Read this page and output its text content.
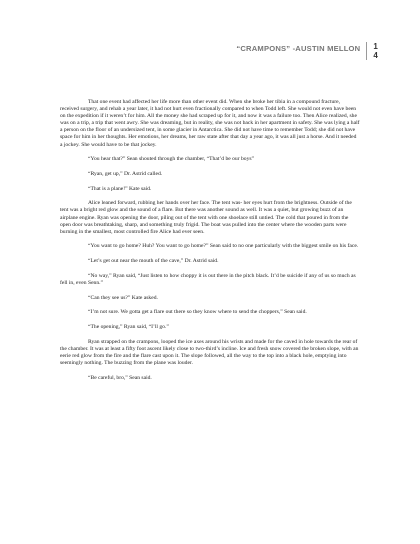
“CRAMPONS” -AUSTIN MELLON	1
4

That one event had affected her life more than other event did. When she broke her tibia in a compound fracture, received surgery, and rehab a year later, it had not hurt even fractionally compared to when Todd left. She would not even have been on the expedition if it weren’t for him. All the money she had scraped up for it, and now it was a failure too. Then Alice realized, she was on a trip, a trip that went awry. She was dreaming, but in reality, she was not back in her apartment in safety. She was lying a half a person on the floor of an undersized tent, in some glacier in Antarctica. She did not have time to remember Todd; she did not have space for him in her thoughts. Her emotions, her dreams, her raw state after that day a year ago, it was all just a horse. And it needed a jockey. She would have to be that jockey.

“You hear that?” Sean shouted through the chamber, “That’d be our boys”

“Ryan, get up,” Dr. Astrid called.

“That is a plane!” Kate said.

Alice leaned forward, rubbing her hands over her face. The tent was- her eyes hurt from the brightness. Outside of the tent was a bright red glow and the sound of a flare. But there was another sound as well. It was a quiet, but growing buzz of an airplane engine. Ryan was opening the door, piling out of the tent with one shoelace still untied. The cold that poured in from the open door was breathtaking, sharp, and something truly frigid. The boat was pulled into the center where the wooden parts were burning in the smallest, most controlled fire Alice had ever seen.

“You want to go home? Huh? You want to go home?” Sean said to no one particularly with the biggest smile on his face.

“Let’s get out near the mouth of the cave,” Dr. Astrid said.

“No way,” Ryan said, “Just listen to how choppy it is out there in the pitch black. It’d be suicide if any of us so much as fell in, even Senn.”

“Can they see us?” Kate asked.

“I’m not sure. We gotta get a flare out there so they know where to send the choppers,” Sean said.

“The opening,” Ryan said, “I’ll go.”

Ryan strapped on the crampons, looped the ice axes around his wrists and made for the caved in hole towards the rear of the chamber. It was at least a fifty foot ascent likely close to two-third’s incline. Ice and fresh snow covered the broken slope, with an eerie red glow from the fire and the flare cast upon it. The slope followed, all the way to the top into a black hole, emptying into seemingly nothing. The buzzing from the plane was louder.

“Be careful, bro,” Sean said.
